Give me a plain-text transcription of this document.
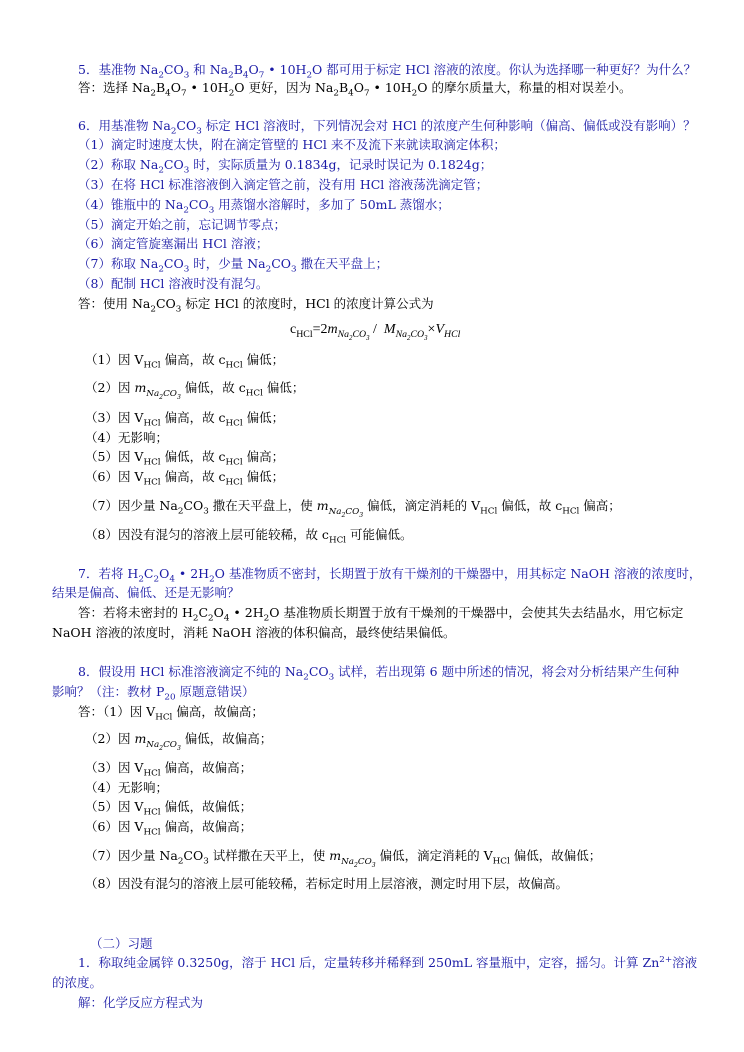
5．基准物 $Na_2CO_3$ 和 $Na_2B_4O_7$ • $10H_2O$ 都可用于标定 HCl 溶液的浓度。你认为选择哪一种更好？为什么？
答：选择 $Na_2B_4O_7$ • $10H_2O$ 更好，因为 $Na_2B_4O_7$ • $10H_2O$ 的摩尔质量大，称量的相对误差小。
6．用基准物 $Na_2CO_3$ 标定 HCl 溶液时，下列情况会对 HCl 的浓度产生何种影响（偏高、偏低或没有影响）？
（1）滴定时速度太快，附在滴定管壁的 HCl 来不及流下来就读取滴定体积；
（2）称取 $Na_2CO_3$ 时，实际质量为 0.1834g，记录时误记为 0.1824g；
（3）在将 HCl 标准溶液倒入滴定管之前，没有用 HCl 溶液荡洗滴定管；
（4）锥瓶中的 $Na_2CO_3$ 用蒸馏水溶解时，多加了 50mL 蒸馏水；
（5）滴定开始之前，忘记调节零点；
（6）滴定管旋塞漏出 HCl 溶液；
（7）称取 $Na_2CO_3$ 时，少量 $Na_2CO_3$ 撒在天平盘上；
（8）配制 HCl 溶液时没有混匀。
答：使用 $Na_2CO_3$ 标定 HCl 的浓度时，HCl 的浓度计算公式为
$c_{HCl}=2m_{Na_2CO_3} / M_{Na_2CO_3}\times V_{HCl}$
（1）因 $V_{HCl}$ 偏高，故 $c_{HCl}$ 偏低；
（2）因 $m_{Na_2CO_3}$ 偏低，故 $c_{HCl}$ 偏低；
（3）因 $V_{HCl}$ 偏高，故 $c_{HCl}$ 偏低；
（4）无影响；
（5）因 $V_{HCl}$ 偏低，故 $c_{HCl}$ 偏高；
（6）因 $V_{HCl}$ 偏高，故 $c_{HCl}$ 偏低；
（7）因少量 $Na_2CO_3$ 撒在天平盘上，使 $m_{Na_2CO_3}$ 偏低，滴定消耗的 $V_{HCl}$ 偏低，故 $c_{HCl}$ 偏高；
（8）因没有混匀的溶液上层可能较稀，故 $c_{HCl}$ 可能偏低。
7．若将 $H_2C_2O_4$ • $2H_2O$ 基准物质不密封，长期置于放有干燥剂的干燥器中，用其标定 NaOH 溶液的浓度时，
结果是偏高、偏低、还是无影响？
答：若将未密封的 $H_2C_2O_4$ • $2H_2O$ 基准物质长期置于放有干燥剂的干燥器中，会使其失去结晶水，用它标定
NaOH 溶液的浓度时，消耗 NaOH 溶液的体积偏高，最终使结果偏低。
8．假设用 HCl 标准溶液滴定不纯的 $Na_2CO_3$ 试样，若出现第 6 题中所述的情况，将会对分析结果产生何种
影响？（注：教材 $P_{20}$ 原题意错误）
答：（1）因 $V_{HCl}$ 偏高，故偏高；
（2）因 $m_{Na_2CO_3}$ 偏低，故偏高；
（3）因 $V_{HCl}$ 偏高，故偏高；
（4）无影响；
（5）因 $V_{HCl}$ 偏低，故偏低；
（6）因 $V_{HCl}$ 偏高，故偏高；
（7）因少量 $Na_2CO_3$ 试样撒在天平上，使 $m_{Na_2CO_3}$ 偏低，滴定消耗的 $V_{HCl}$ 偏低，故偏低；
（8）因没有混匀的溶液上层可能较稀，若标定时用上层溶液，测定时用下层，故偏高。
（二）习题
1．称取纯金属锌 0.3250g，溶于 HCl 后，定量转移并稀释到 250mL 容量瓶中，定容，摇匀。计算 $Zn^{2+}$溶液
的浓度。
解：化学反应方程式为
